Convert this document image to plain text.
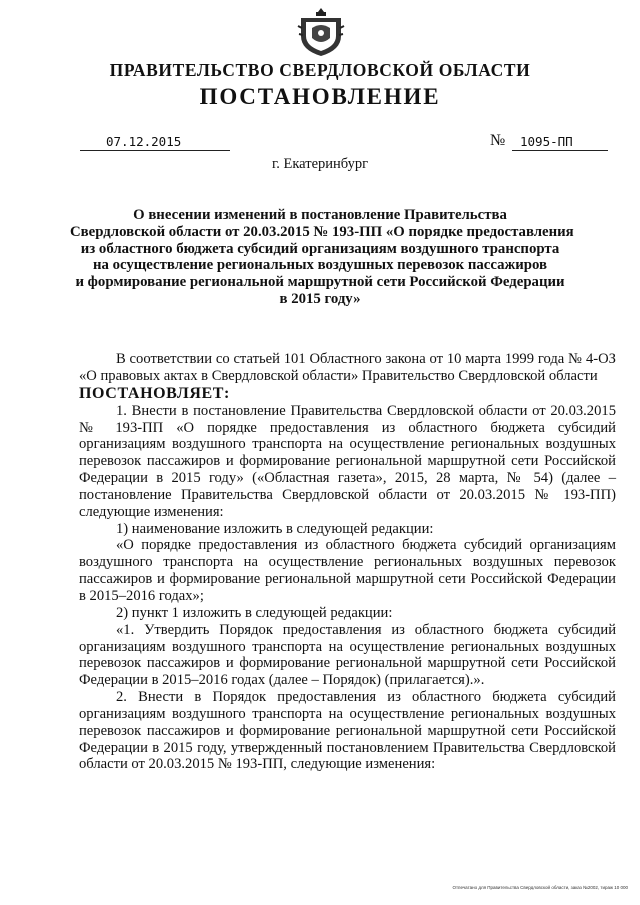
ПРАВИТЕЛЬСТВО СВЕРДЛОВСКОЙ ОБЛАСТИ
ПОСТАНОВЛЕНИЕ
07.12.2015	№	1095-ПП
г. Екатеринбург
О внесении изменений в постановление Правительства
Свердловской области от 20.03.2015 № 193-ПП «О порядке предоставления
из областного бюджета субсидий организациям воздушного транспорта
на осуществление региональных воздушных перевозок пассажиров
и формирование региональной маршрутной сети Российской Федерации
в 2015 году»

В соответствии со статьей 101 Областного закона от 10 марта 1999 года № 4-ОЗ «О правовых актах в Свердловской области» Правительство Свердловской области

ПОСТАНОВЛЯЕТ:

1. Внести в постановление Правительства Свердловской области от 20.03.2015 № 193-ПП «О порядке предоставления из областного бюджета субсидий организациям воздушного транспорта на осуществление региональных воздушных перевозок пассажиров и формирование региональной маршрутной сети Российской Федерации в 2015 году» («Областная газета», 2015, 28 марта, № 54) (далее – постановление Правительства Свердловской области от 20.03.2015 № 193-ПП) следующие изменения:

1) наименование изложить в следующей редакции:

«О порядке предоставления из областного бюджета субсидий организациям воздушного транспорта на осуществление региональных воздушных перевозок пассажиров и формирование региональной маршрутной сети Российской Федерации в 2015–2016 годах»;

2) пункт 1 изложить в следующей редакции:

«1. Утвердить Порядок предоставления из областного бюджета субсидий организациям воздушного транспорта на осуществление региональных воздушных перевозок пассажиров и формирование региональной маршрутной сети Российской Федерации в 2015–2016 годах (далее – Порядок) (прилагается).».

2. Внести в Порядок предоставления из областного бюджета субсидий организациям воздушного транспорта на осуществление региональных воздушных перевозок пассажиров и формирование региональной маршрутной сети Российской Федерации в 2015 году, утвержденный постановлением Правительства Свердловской области от 20.03.2015 № 193-ПП, следующие изменения:

Отпечатано для Правительства Свердловской области, заказ №2002, тираж 10 000
